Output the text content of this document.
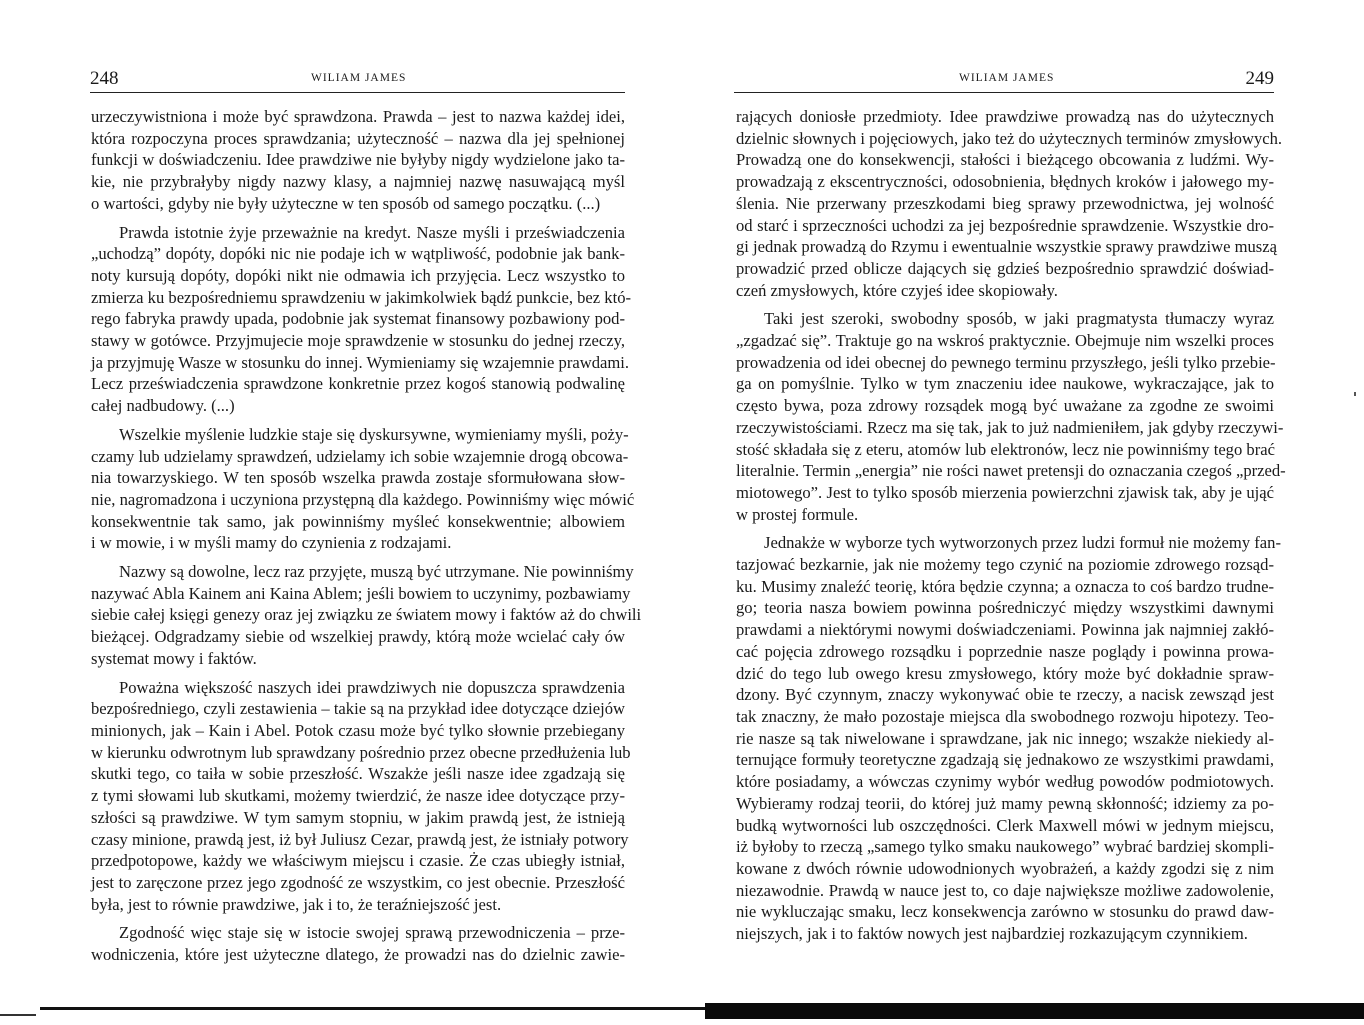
248	WILIAM JAMES
urzeczywistniona i może być sprawdzona. Prawda – jest to nazwa każdej idei,
która rozpoczyna proces sprawdzania; użyteczność – nazwa dla jej spełnionej
funkcji w doświadczeniu. Idee prawdziwe nie byłyby nigdy wydzielone jako ta-
kie, nie przybrałyby nigdy nazwy klasy, a najmniej nazwę nasuwającą myśl
o wartości, gdyby nie były użyteczne w ten sposób od samego początku. (...)
Prawda istotnie żyje przeważnie na kredyt. Nasze myśli i przeświadczenia
„uchodzą” dopóty, dopóki nic nie podaje ich w wątpliwość, podobnie jak bank-
noty kursują dopóty, dopóki nikt nie odmawia ich przyjęcia. Lecz wszystko to
zmierza ku bezpośredniemu sprawdzeniu w jakimkolwiek bądź punkcie, bez któ-
rego fabryka prawdy upada, podobnie jak systemat finansowy pozbawiony pod-
stawy w gotówce. Przyjmujecie moje sprawdzenie w stosunku do jednej rzeczy,
ja przyjmuję Wasze w stosunku do innej. Wymieniamy się wzajemnie prawdami.
Lecz przeświadczenia sprawdzone konkretnie przez kogoś stanowią podwalinę
całej nadbudowy. (...)
Wszelkie myślenie ludzkie staje się dyskursywne, wymieniamy myśli, poży-
czamy lub udzielamy sprawdzeń, udzielamy ich sobie wzajemnie drogą obcowa-
nia towarzyskiego. W ten sposób wszelka prawda zostaje sformułowana słow-
nie, nagromadzona i uczyniona przystępną dla każdego. Powinniśmy więc mówić
konsekwentnie tak samo, jak powinniśmy myśleć konsekwentnie; albowiem
i w mowie, i w myśli mamy do czynienia z rodzajami.
Nazwy są dowolne, lecz raz przyjęte, muszą być utrzymane. Nie powinniśmy
nazywać Abla Kainem ani Kaina Ablem; jeśli bowiem to uczynimy, pozbawiamy
siebie całej księgi genezy oraz jej związku ze światem mowy i faktów aż do chwili
bieżącej. Odgradzamy siebie od wszelkiej prawdy, którą może wcielać cały ów
systemat mowy i faktów.
Poważna większość naszych idei prawdziwych nie dopuszcza sprawdzenia
bezpośredniego, czyli zestawienia – takie są na przykład idee dotyczące dziejów
minionych, jak – Kain i Abel. Potok czasu może być tylko słownie przebiegany
w kierunku odwrotnym lub sprawdzany pośrednio przez obecne przedłużenia lub
skutki tego, co taiła w sobie przeszłość. Wszakże jeśli nasze idee zgadzają się
z tymi słowami lub skutkami, możemy twierdzić, że nasze idee dotyczące przy-
szłości są prawdziwe. W tym samym stopniu, w jakim prawdą jest, że istnieją
czasy minione, prawdą jest, iż był Juliusz Cezar, prawdą jest, że istniały potwory
przedpotopowe, każdy we właściwym miejscu i czasie. Że czas ubiegły istniał,
jest to zaręczone przez jego zgodność ze wszystkim, co jest obecnie. Przeszłość
była, jest to równie prawdziwe, jak i to, że teraźniejszość jest.
Zgodność więc staje się w istocie swojej sprawą przewodniczenia – prze-
wodniczenia, które jest użyteczne dlatego, że prowadzi nas do dzielnic zawie-
WILIAM JAMES	249
rających doniosłe przedmioty. Idee prawdziwe prowadzą nas do użytecznych
dzielnic słownych i pojęciowych, jako też do użytecznych terminów zmysłowych.
Prowadzą one do konsekwencji, stałości i bieżącego obcowania z ludźmi. Wy-
prowadzają z ekscentryczności, odosobnienia, błędnych kroków i jałowego my-
ślenia. Nie przerwany przeszkodami bieg sprawy przewodnictwa, jej wolność
od starć i sprzeczności uchodzi za jej bezpośrednie sprawdzenie. Wszystkie dro-
gi jednak prowadzą do Rzymu i ewentualnie wszystkie sprawy prawdziwe muszą
prowadzić przed oblicze dających się gdzieś bezpośrednio sprawdzić doświad-
czeń zmysłowych, które czyjeś idee skopiowały.
Taki jest szeroki, swobodny sposób, w jaki pragmatysta tłumaczy wyraz
„zgadzać się”. Traktuje go na wskroś praktycznie. Obejmuje nim wszelki proces
prowadzenia od idei obecnej do pewnego terminu przyszłego, jeśli tylko przebie-
ga on pomyślnie. Tylko w tym znaczeniu idee naukowe, wykraczające, jak to
często bywa, poza zdrowy rozsądek mogą być uważane za zgodne ze swoimi
rzeczywistościami. Rzecz ma się tak, jak to już nadmieniłem, jak gdyby rzeczywi-
stość składała się z eteru, atomów lub elektronów, lecz nie powinniśmy tego brać
literalnie. Termin „energia” nie rości nawet pretensji do oznaczania czegoś „przed-
miotowego”. Jest to tylko sposób mierzenia powierzchni zjawisk tak, aby je ująć
w prostej formule.
Jednakże w wyborze tych wytworzonych przez ludzi formuł nie możemy fan-
tazjować bezkarnie, jak nie możemy tego czynić na poziomie zdrowego rozsąd-
ku. Musimy znaleźć teorię, która będzie czynna; a oznacza to coś bardzo trudne-
go; teoria nasza bowiem powinna pośredniczyć między wszystkimi dawnymi
prawdami a niektórymi nowymi doświadczeniami. Powinna jak najmniej zakłó-
cać pojęcia zdrowego rozsądku i poprzednie nasze poglądy i powinna prowa-
dzić do tego lub owego kresu zmysłowego, który może być dokładnie spraw-
dzony. Być czynnym, znaczy wykonywać obie te rzeczy, a nacisk zewsząd jest
tak znaczny, że mało pozostaje miejsca dla swobodnego rozwoju hipotezy. Teo-
rie nasze są tak niwelowane i sprawdzane, jak nic innego; wszakże niekiedy al-
ternujące formuły teoretyczne zgadzają się jednakowo ze wszystkimi prawdami,
które posiadamy, a wówczas czynimy wybór według powodów podmiotowych.
Wybieramy rodzaj teorii, do której już mamy pewną skłonność; idziemy za po-
budką wytworności lub oszczędności. Clerk Maxwell mówi w jednym miejscu,
iż byłoby to rzeczą „samego tylko smaku naukowego” wybrać bardziej skompli-
kowane z dwóch równie udowodnionych wyobrażeń, a każdy zgodzi się z nim
niezawodnie. Prawdą w nauce jest to, co daje największe możliwe zadowolenie,
nie wykluczając smaku, lecz konsekwencja zarówno w stosunku do prawd daw-
niejszych, jak i to faktów nowych jest najbardziej rozkazującym czynnikiem.
